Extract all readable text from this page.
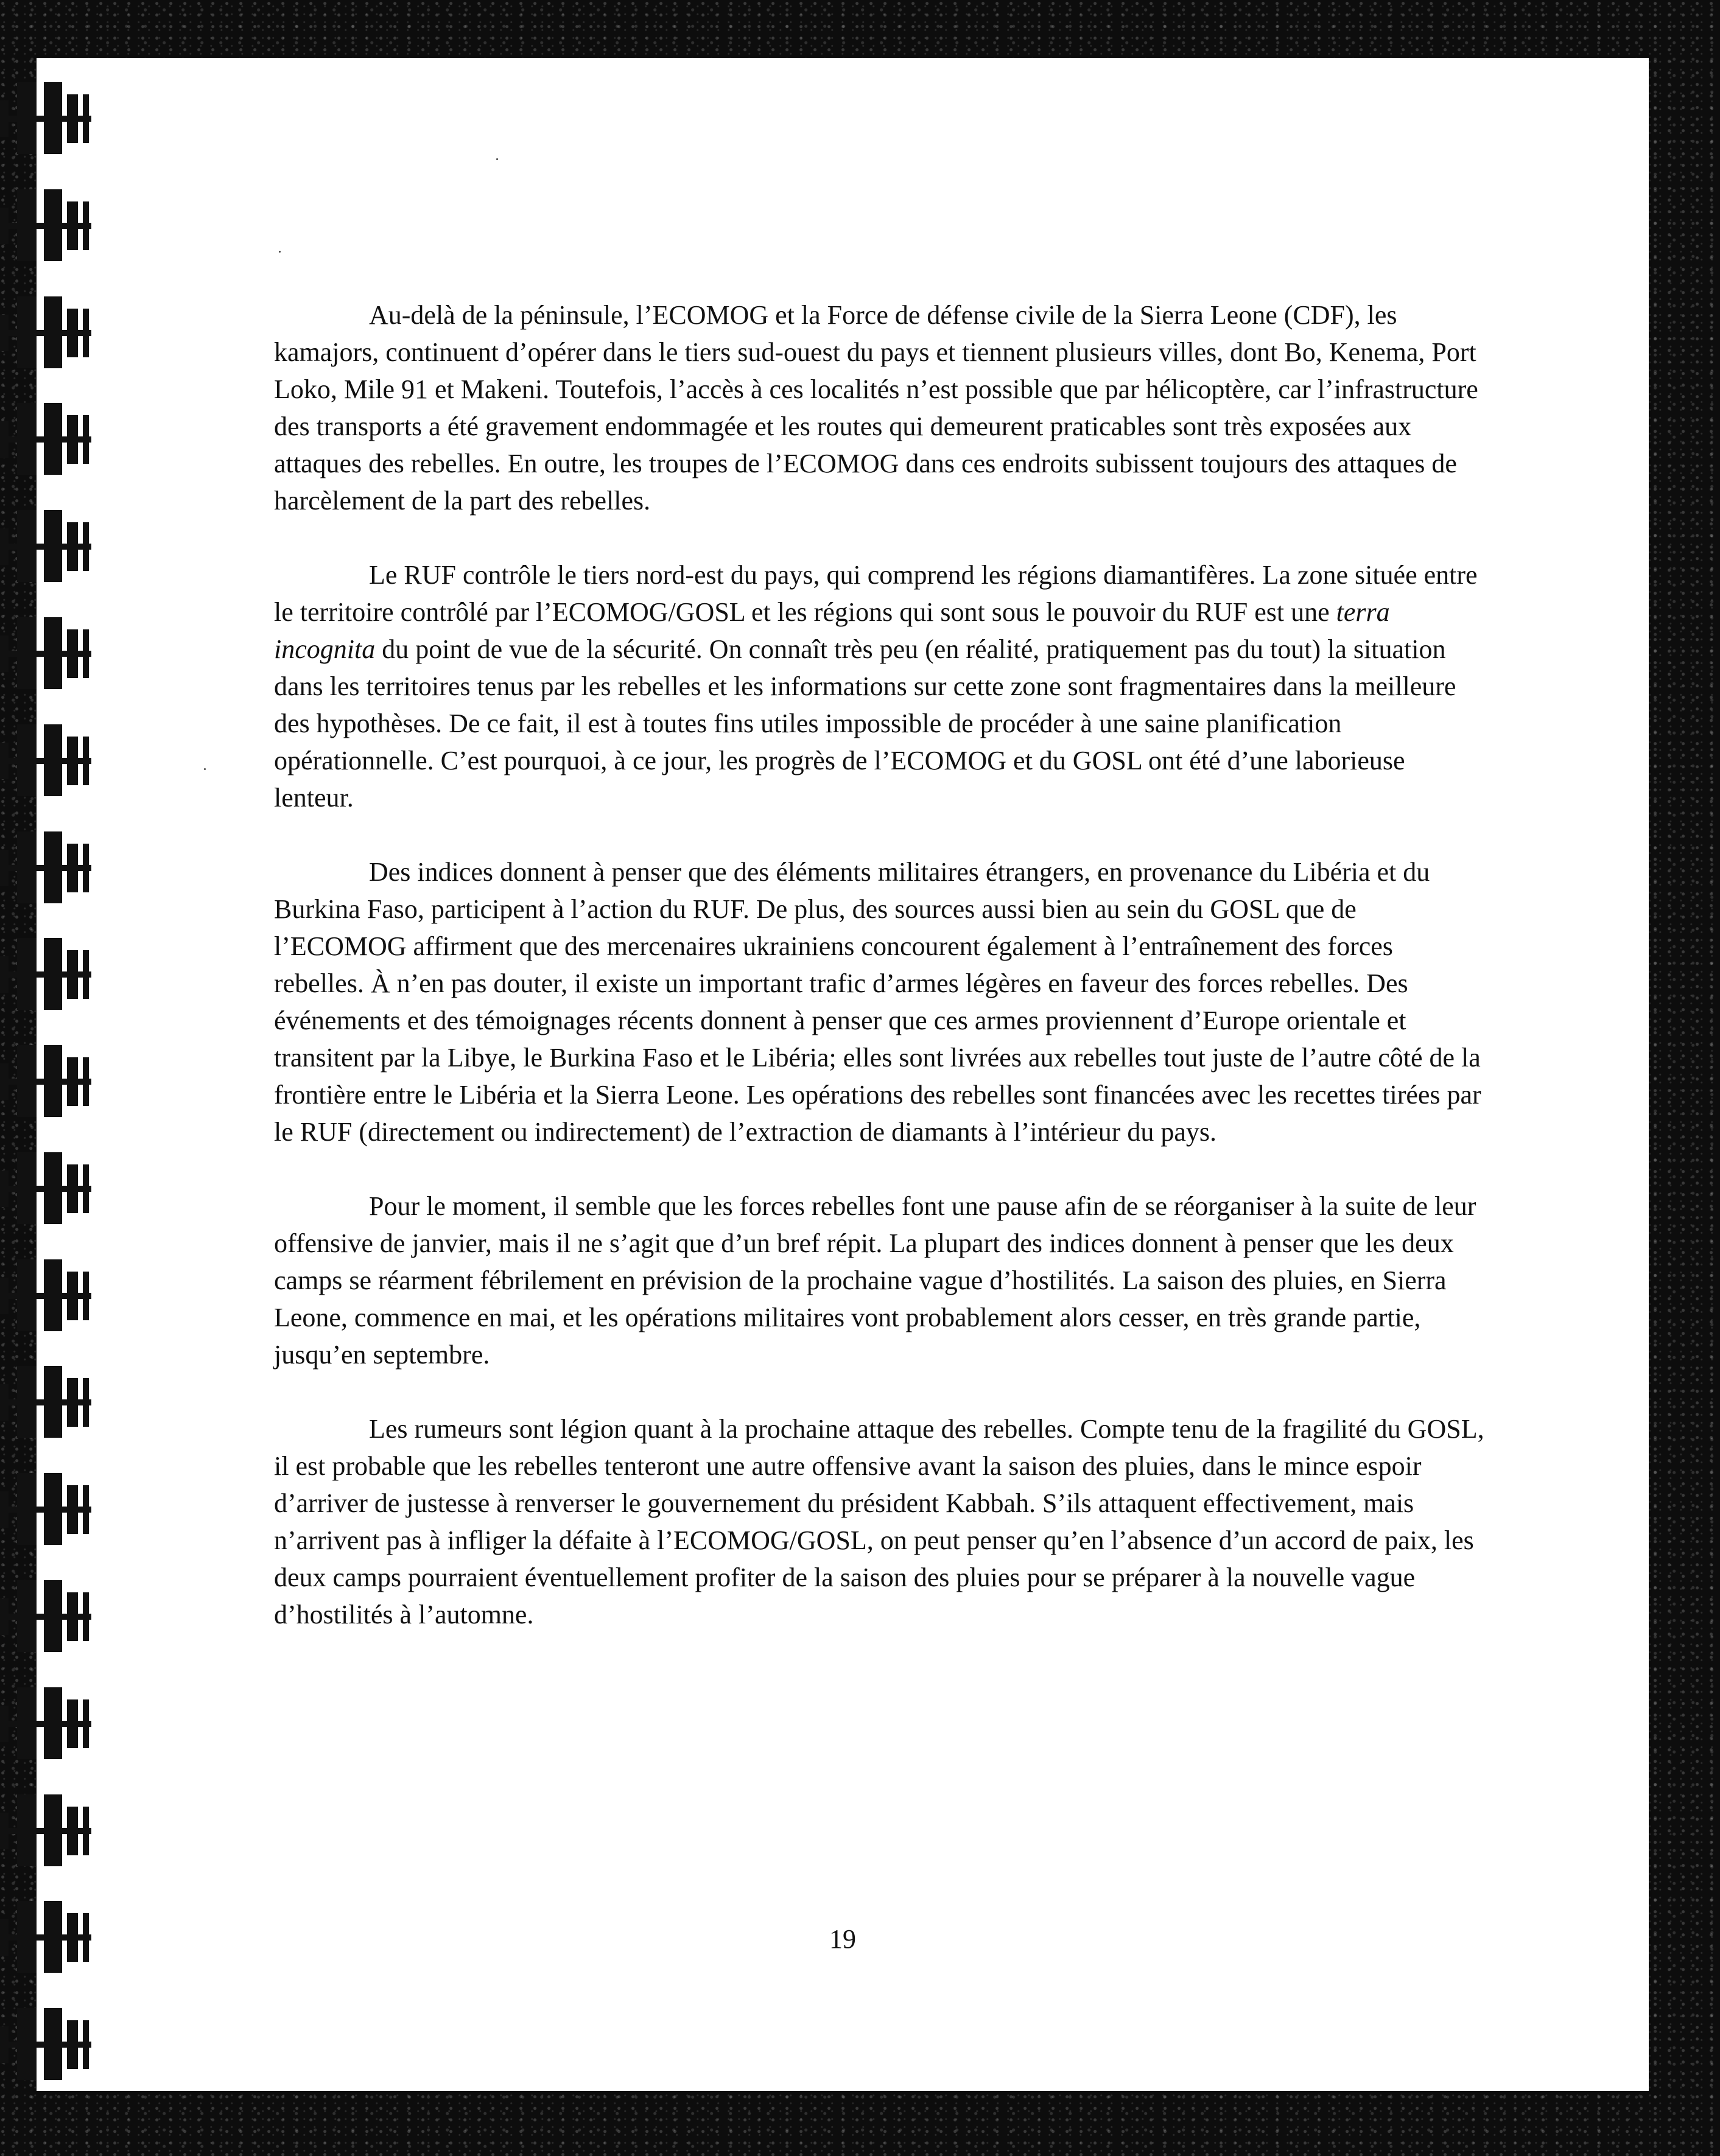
Au-delà de la péninsule, l’ECOMOG et la Force de défense civile de la Sierra Leone (CDF), les kamajors, continuent d’opérer dans le tiers sud-ouest du pays et tiennent plusieurs villes, dont Bo, Kenema, Port Loko, Mile 91 et Makeni. Toutefois, l’accès à ces localités n’est possible que par hélicoptère, car l’infrastructure des transports a été gravement endommagée et les routes qui demeurent praticables sont très exposées aux attaques des rebelles. En outre, les troupes de l’ECOMOG dans ces endroits subissent toujours des attaques de harcèlement de la part des rebelles.

Le RUF contrôle le tiers nord-est du pays, qui comprend les régions diamantifères. La zone située entre le territoire contrôlé par l’ECOMOG/GOSL et les régions qui sont sous le pouvoir du RUF est une terra incognita du point de vue de la sécurité. On connaît très peu (en réalité, pratiquement pas du tout) la situation dans les territoires tenus par les rebelles et les informations sur cette zone sont fragmentaires dans la meilleure des hypothèses. De ce fait, il est à toutes fins utiles impossible de procéder à une saine planification opérationnelle. C’est pourquoi, à ce jour, les progrès de l’ECOMOG et du GOSL ont été d’une laborieuse lenteur.

Des indices donnent à penser que des éléments militaires étrangers, en provenance du Libéria et du Burkina Faso, participent à l’action du RUF. De plus, des sources aussi bien au sein du GOSL que de l’ECOMOG affirment que des mercenaires ukrainiens concourent également à l’entraînement des forces rebelles. À n’en pas douter, il existe un important trafic d’armes légères en faveur des forces rebelles. Des événements et des témoignages récents donnent à penser que ces armes proviennent d’Europe orientale et transitent par la Libye, le Burkina Faso et le Libéria; elles sont livrées aux rebelles tout juste de l’autre côté de la frontière entre le Libéria et la Sierra Leone. Les opérations des rebelles sont financées avec les recettes tirées par le RUF (directement ou indirectement) de l’extraction de diamants à l’intérieur du pays.

Pour le moment, il semble que les forces rebelles font une pause afin de se réorganiser à la suite de leur offensive de janvier, mais il ne s’agit que d’un bref répit. La plupart des indices donnent à penser que les deux camps se réarment fébrilement en prévision de la prochaine vague d’hostilités. La saison des pluies, en Sierra Leone, commence en mai, et les opérations militaires vont probablement alors cesser, en très grande partie, jusqu’en septembre.

Les rumeurs sont légion quant à la prochaine attaque des rebelles. Compte tenu de la fragilité du GOSL, il est probable que les rebelles tenteront une autre offensive avant la saison des pluies, dans le mince espoir d’arriver de justesse à renverser le gouvernement du président Kabbah. S’ils attaquent effectivement, mais n’arrivent pas à infliger la défaite à l’ECOMOG/GOSL, on peut penser qu’en l’absence d’un accord de paix, les deux camps pourraient éventuellement profiter de la saison des pluies pour se préparer à la nouvelle vague d’hostilités à l’automne.

19
